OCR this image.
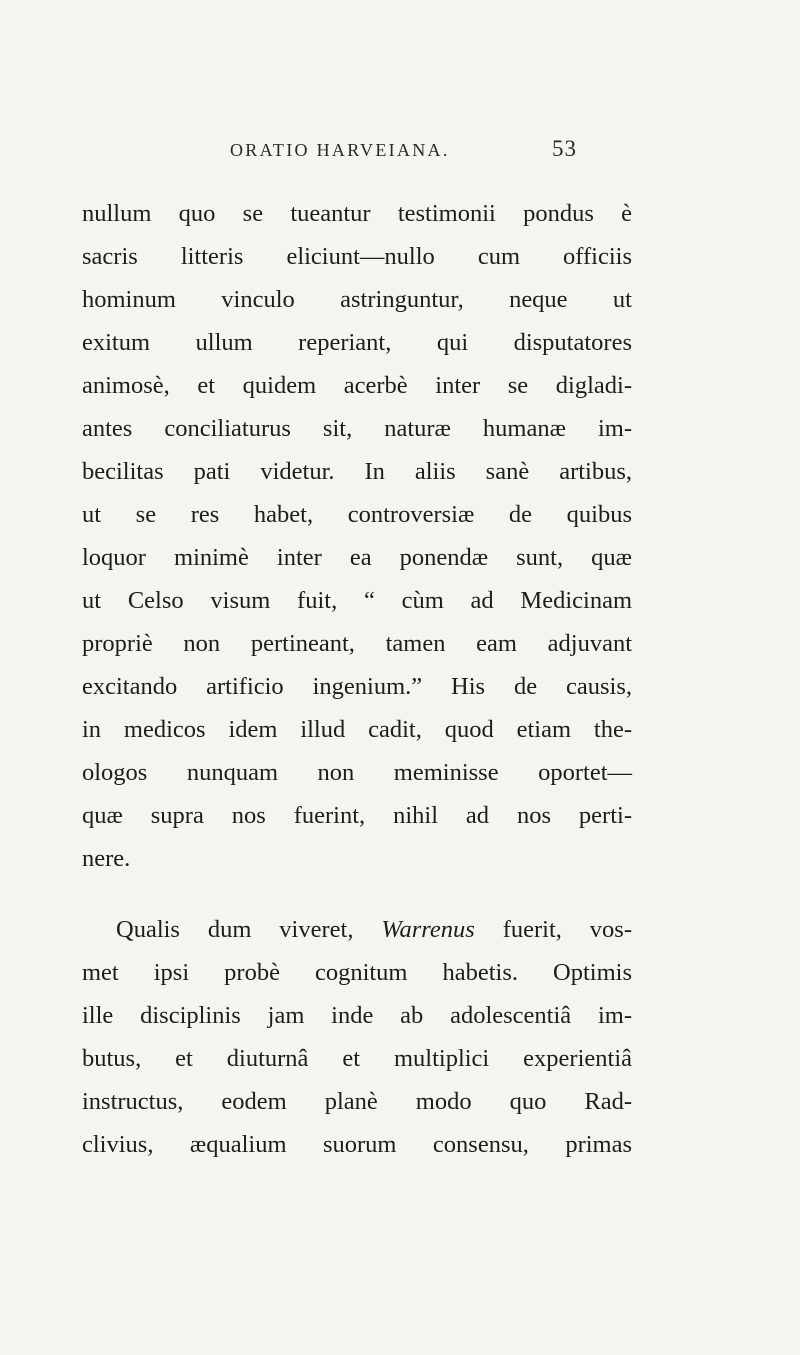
ORATIO HARVEIANA.	53
nullum quo se tueantur testimonii pondus è
sacris litteris eliciunt—nullo cum officiis
hominum vinculo astringuntur, neque ut
exitum ullum reperiant, qui disputatores
animosè, et quidem acerbè inter se digladi-
antes conciliaturus sit, naturæ humanæ im-
becilitas pati videtur. In aliis sanè artibus,
ut se res habet, controversiæ de quibus
loquor minimè inter ea ponendæ sunt, quæ
ut Celso visum fuit, “ cùm ad Medicinam
propriè non pertineant, tamen eam adjuvant
excitando artificio ingenium.” His de causis,
in medicos idem illud cadit, quod etiam the-
ologos nunquam non meminisse oportet—
quæ supra nos fuerint, nihil ad nos perti-
nere.
Qualis dum viveret, Warrenus fuerit, vos-
met ipsi probè cognitum habetis. Optimis
ille disciplinis jam inde ab adolescentiâ im-
butus, et diuturnâ et multiplici experientiâ
instructus, eodem planè modo quo Rad-
clivius, æqualium suorum consensu, primas
